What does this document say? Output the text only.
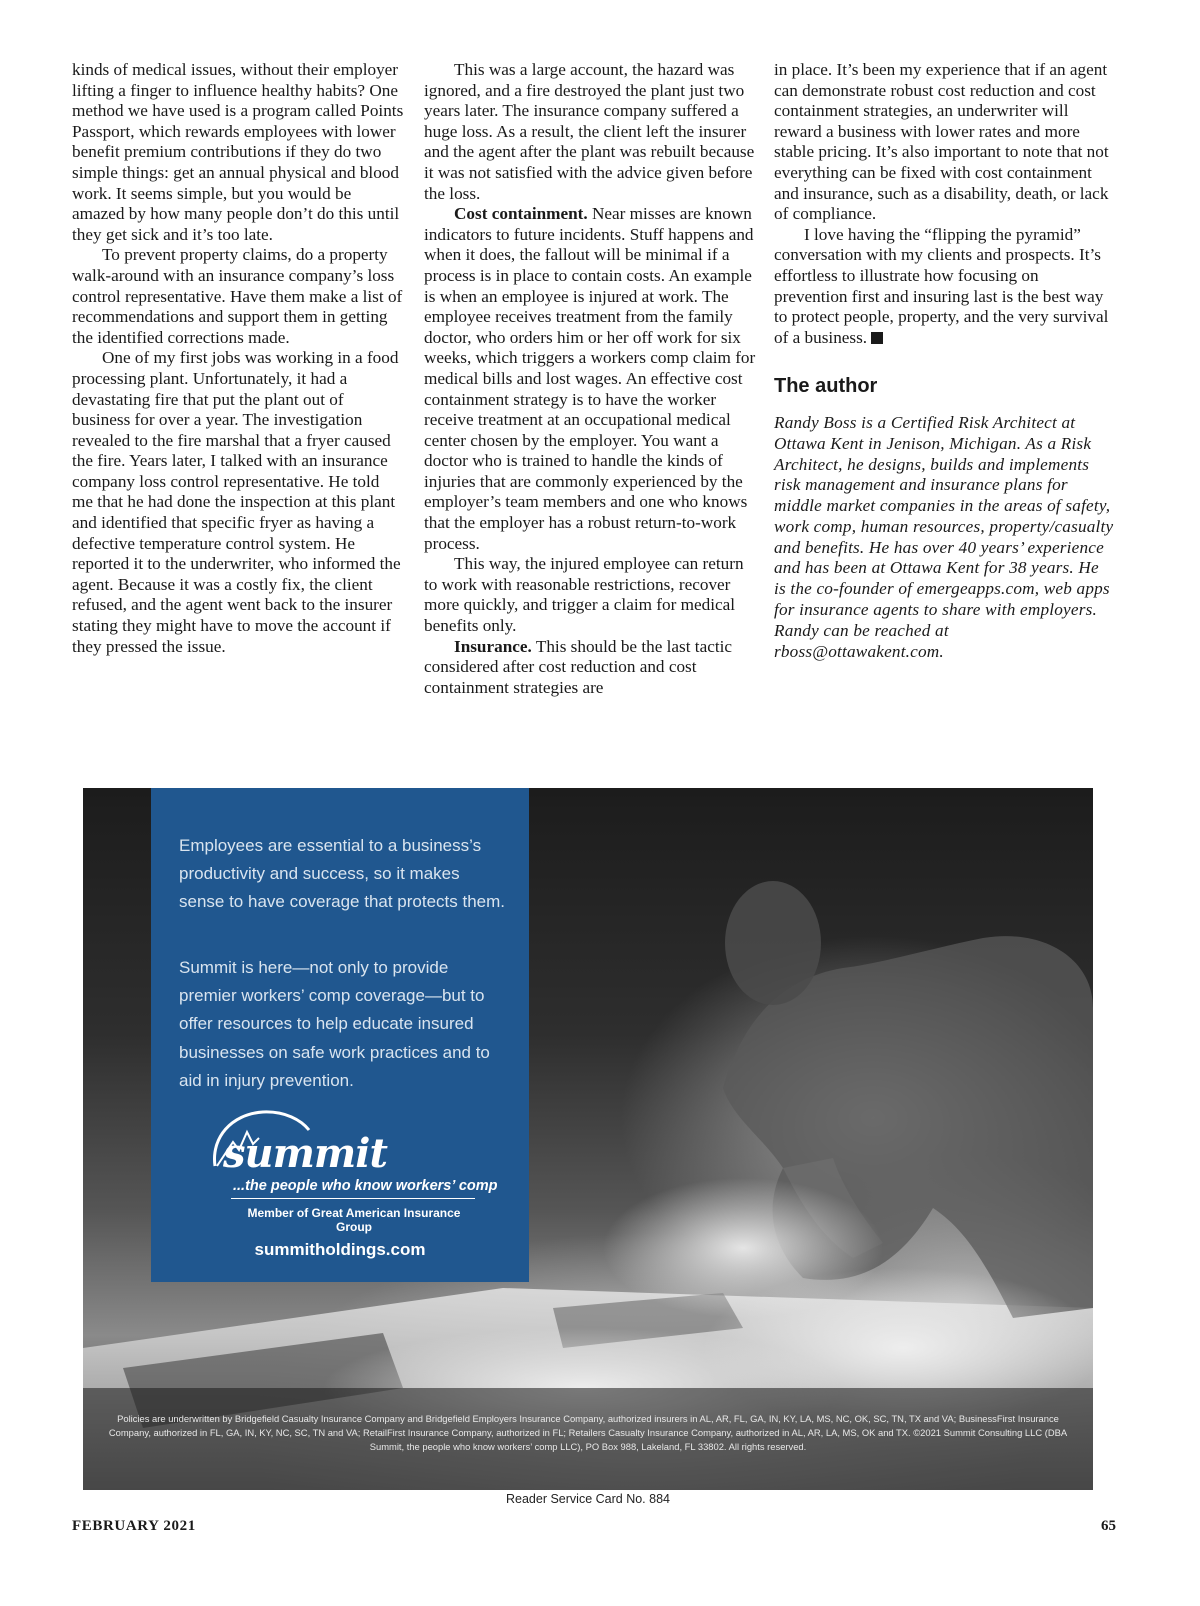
kinds of medical issues, without their employer lifting a finger to influence healthy habits? One method we have used is a program called Points Passport, which rewards employees with lower benefit premium contributions if they do two simple things: get an annual physical and blood work. It seems simple, but you would be amazed by how many people don’t do this until they get sick and it’s too late.

To prevent property claims, do a property walk-around with an insurance company’s loss control representative. Have them make a list of recommendations and support them in getting the identified corrections made.

One of my first jobs was working in a food processing plant. Unfortunately, it had a devastating fire that put the plant out of business for over a year. The investigation revealed to the fire marshal that a fryer caused the fire. Years later, I talked with an insurance company loss control representative. He told me that he had done the inspection at this plant and identified that specific fryer as having a defective temperature control system. He reported it to the underwriter, who informed the agent. Because it was a costly fix, the client refused, and the agent went back to the insurer stating they might have to move the account if they pressed the issue.

This was a large account, the hazard was ignored, and a fire destroyed the plant just two years later. The insurance company suffered a huge loss. As a result, the client left the insurer and the agent after the plant was rebuilt because it was not satisfied with the advice given before the loss.

Cost containment. Near misses are known indicators to future incidents. Stuff happens and when it does, the fallout will be minimal if a process is in place to contain costs. An example is when an employee is injured at work. The employee receives treatment from the family doctor, who orders him or her off work for six weeks, which triggers a workers comp claim for medical bills and lost wages. An effective cost containment strategy is to have the worker receive treatment at an occupational medical center chosen by the employer. You want a doctor who is trained to handle the kinds of injuries that are commonly experienced by the employer’s team members and one who knows that the employer has a robust return-to-work process.

This way, the injured employee can return to work with reasonable restrictions, recover more quickly, and trigger a claim for medical benefits only.

Insurance. This should be the last tactic considered after cost reduction and cost containment strategies are

in place. It’s been my experience that if an agent can demonstrate robust cost reduction and cost containment strategies, an underwriter will reward a business with lower rates and more stable pricing. It’s also important to note that not everything can be fixed with cost containment and insurance, such as a disability, death, or lack of compliance.

I love having the “flipping the pyramid” conversation with my clients and prospects. It’s effortless to illustrate how focusing on prevention first and insuring last is the best way to protect people, property, and the very survival of a business.

The author

Randy Boss is a Certified Risk Architect at Ottawa Kent in Jenison, Michigan. As a Risk Architect, he designs, builds and implements risk management and insurance plans for middle market companies in the areas of safety, work comp, human resources, property/casualty and benefits. He has over 40 years’ experience and has been at Ottawa Kent for 38 years. He is the co-founder of emergeapps.com, web apps for insurance agents to share with employers. Randy can be reached at rboss@ottawakent.com.

Employees are essential to a business’s productivity and success, so it makes sense to have coverage that protects them.

Summit is here—not only to provide premier workers’ comp coverage—but to offer resources to help educate insured businesses on safe work practices and to aid in injury prevention.

summit
...the people who know workers’ comp
Member of Great American Insurance Group
summitholdings.com
Policies are underwritten by Bridgefield Casualty Insurance Company and Bridgefield Employers Insurance Company, authorized insurers in AL, AR, FL, GA, IN, KY, LA, MS, NC, OK, SC, TN, TX and VA; BusinessFirst Insurance Company, authorized in FL, GA, IN, KY, NC, SC, TN and VA; RetailFirst Insurance Company, authorized in FL; Retailers Casualty Insurance Company, authorized in AL, AR, LA, MS, OK and TX. ©2021 Summit Consulting LLC (DBA Summit, the people who know workers’ comp LLC), PO Box 988, Lakeland, FL 33802. All rights reserved.
Reader Service Card No. 884
FEBRUARY 2021	65
